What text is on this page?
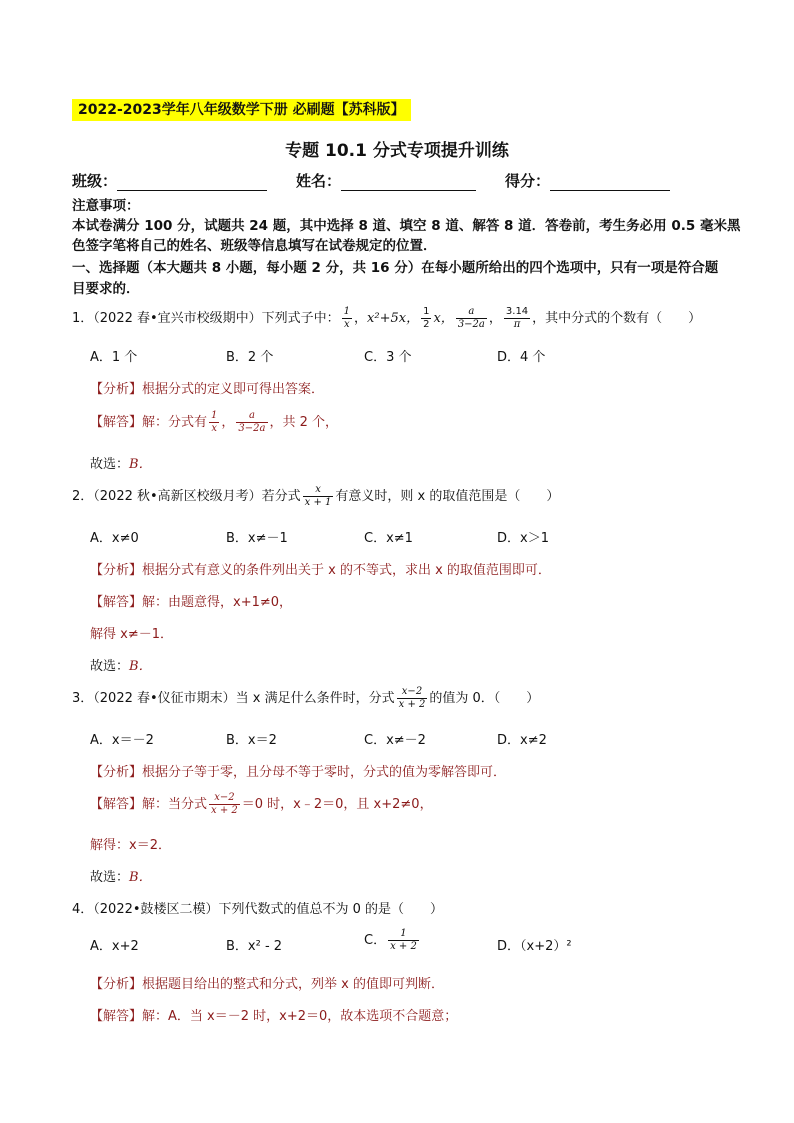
2022-2023学年八年级数学下册 必刷题【苏科版】
专题 10.1 分式专项提升训练
班级：	姓名：	得分：
注意事项：
本试卷满分 100 分，试题共 24 题，其中选择 8 道、填空 8 道、解答 8 道．答卷前，考生务必用 0.5 毫米黑
色签字笔将自己的姓名、班级等信息填写在试卷规定的位置．
一、选择题（本大题共 8 小题，每小题 2 分，共 16 分）在每小题所给出的四个选项中，只有一项是符合题
目要求的．
1．（2022 春•宜兴市校级期中）下列式子中： $\frac{1}{x}$ ，x²+5x， $\frac{1}{2}$ x， $\frac{a}{3-2a}$ ， $\frac{3.14}{\pi}$ ，其中分式的个数有（　　）
A．1 个	B．2 个	C．3 个	D．4 个
【分析】根据分式的定义即可得出答案．
【解答】解：分式有 $\frac{1}{x}$ ， $\frac{a}{3-2a}$ ，共 2 个，
故选：B．
2．（2022 秋•高新区校级月考）若分式 $\frac{x}{x + 1}$ 有意义时，则 x 的取值范围是（　　）
A．x≠0	B．x≠－1	C．x≠1	D．x＞1
【分析】根据分式有意义的条件列出关于 x 的不等式，求出 x 的取值范围即可．
【解答】解：由题意得，x+1≠0，
解得 x≠－1．
故选：B．
3．（2022 春•仪征市期末）当 x 满足什么条件时，分式 $\frac{x-2}{x + 2}$ 的值为 0．（　　）
A．x＝－2	B．x＝2	C．x≠－2	D．x≠2
【分析】根据分子等于零，且分母不等于零时，分式的值为零解答即可．
【解答】解：当分式 $\frac{x-2}{x + 2} =0$ 时，x﹣2＝0，且 x+2≠0，
解得：x＝2．
故选：B．
4．（2022•鼓楼区二模）下列代数式的值总不为 0 的是（　　）
A．x+2	B．x² - 2	C． $\frac{1}{x + 2}$	D．（x+2）²
【分析】根据题目给出的整式和分式，列举 x 的值即可判断．
【解答】解：A．当 x＝－2 时，x+2＝0，故本选项不合题意；
